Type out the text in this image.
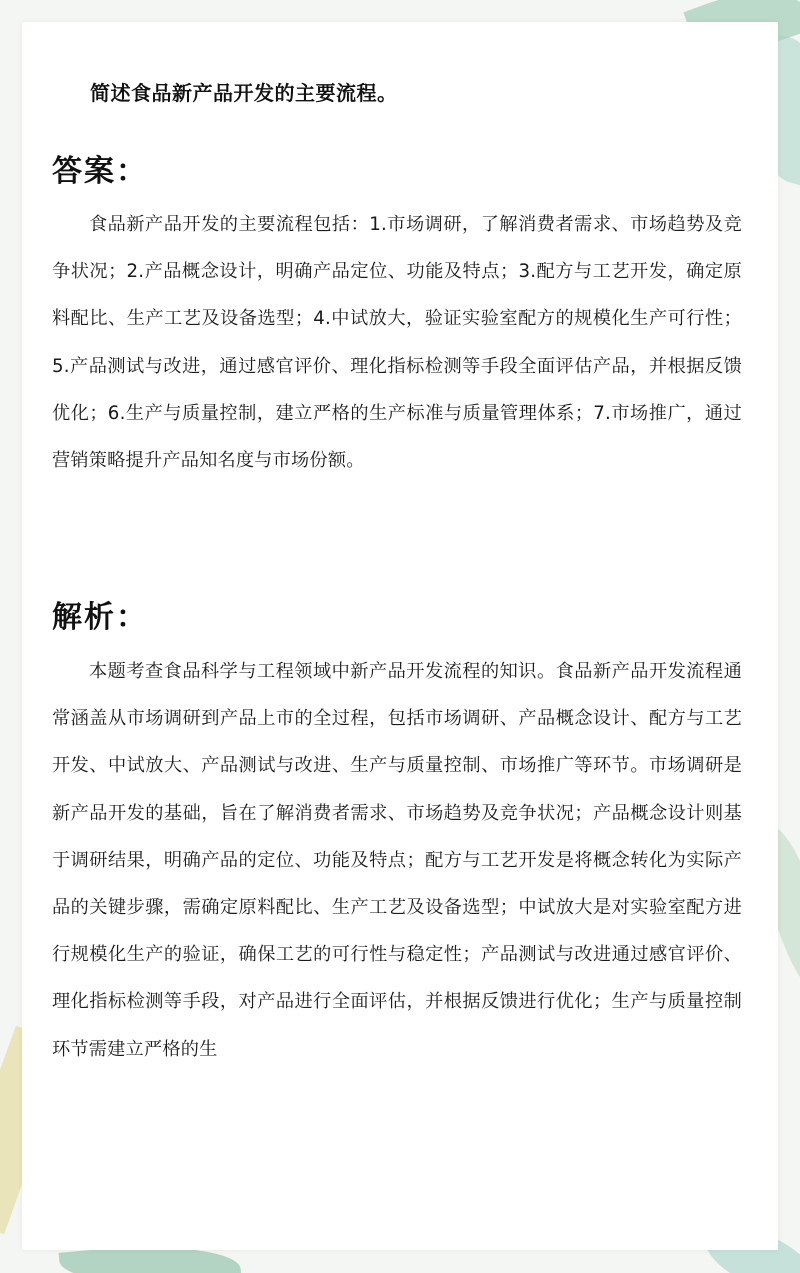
简述食品新产品开发的主要流程。
答案：
食品新产品开发的主要流程包括：1.市场调研，了解消费者需求、市场趋势及竞争状况；2.产品概念设计，明确产品定位、功能及特点；3.配方与工艺开发，确定原料配比、生产工艺及设备选型；4.中试放大，验证实验室配方的规模化生产可行性；5.产品测试与改进，通过感官评价、理化指标检测等手段全面评估产品，并根据反馈优化；6.生产与质量控制，建立严格的生产标准与质量管理体系；7.市场推广，通过营销策略提升产品知名度与市场份额。
解析：
本题考查食品科学与工程领域中新产品开发流程的知识。食品新产品开发流程通常涵盖从市场调研到产品上市的全过程，包括市场调研、产品概念设计、配方与工艺开发、中试放大、产品测试与改进、生产与质量控制、市场推广等环节。市场调研是新产品开发的基础，旨在了解消费者需求、市场趋势及竞争状况；产品概念设计则基于调研结果，明确产品的定位、功能及特点；配方与工艺开发是将概念转化为实际产品的关键步骤，需确定原料配比、生产工艺及设备选型；中试放大是对实验室配方进行规模化生产的验证，确保工艺的可行性与稳定性；产品测试与改进通过感官评价、理化指标检测等手段，对产品进行全面评估，并根据反馈进行优化；生产与质量控制环节需建立严格的生
